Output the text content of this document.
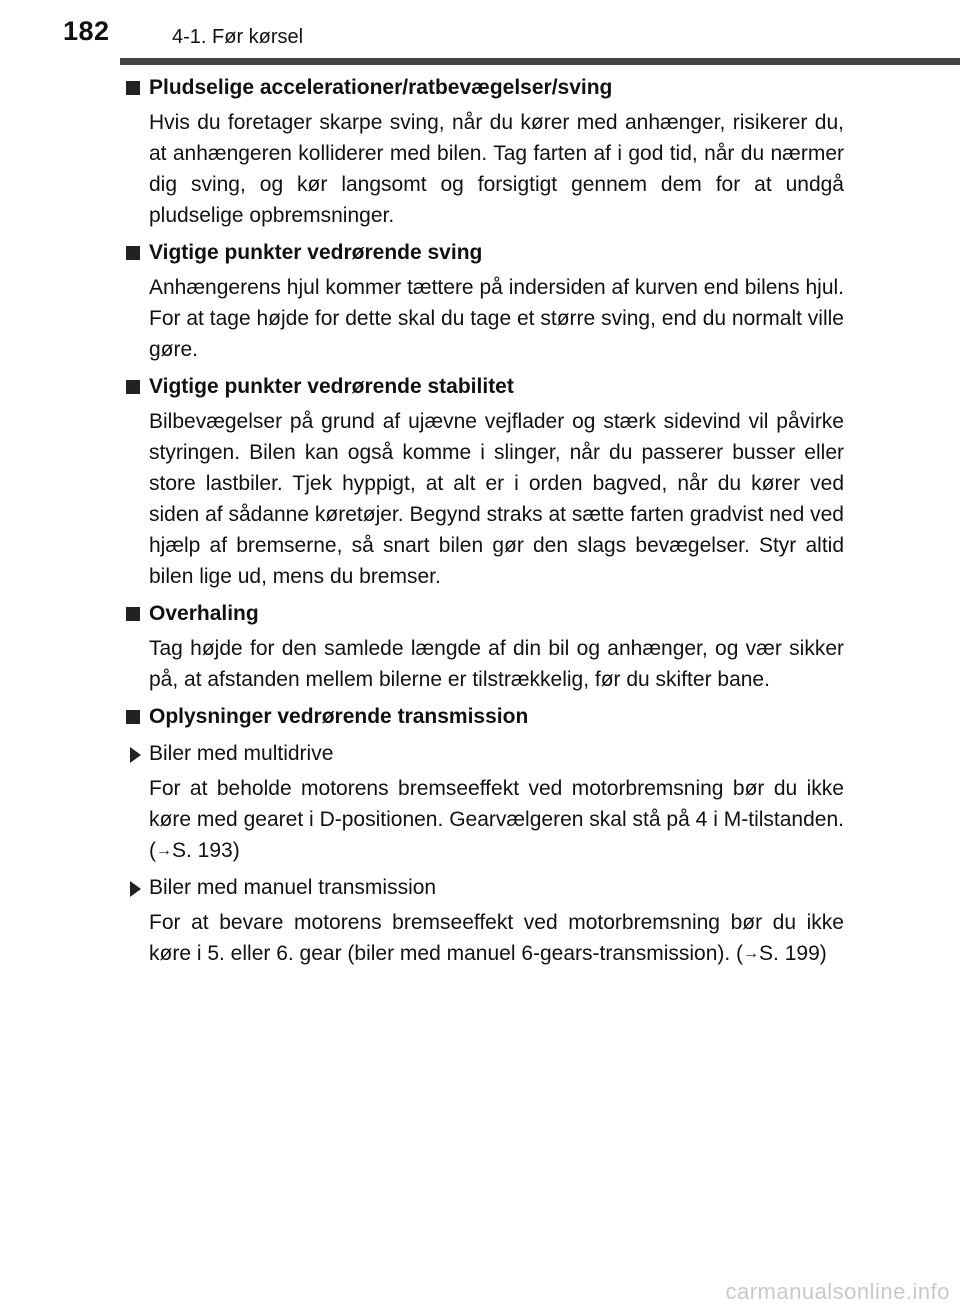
182	4-1. Før kørsel
Pludselige accelerationer/ratbevægelser/sving

Hvis du foretager skarpe sving, når du kører med anhænger, risikerer du, at anhængeren kolliderer med bilen. Tag farten af i god tid, når du nærmer dig sving, og kør langsomt og forsigtigt gennem dem for at undgå pludselige opbremsninger.

Vigtige punkter vedrørende sving

Anhængerens hjul kommer tættere på indersiden af kurven end bilens hjul. For at tage højde for dette skal du tage et større sving, end du normalt ville gøre.

Vigtige punkter vedrørende stabilitet

Bilbevægelser på grund af ujævne vejflader og stærk sidevind vil påvirke styringen. Bilen kan også komme i slinger, når du passerer busser eller store lastbiler. Tjek hyppigt, at alt er i orden bagved, når du kører ved siden af sådanne køretøjer. Begynd straks at sætte farten gradvist ned ved hjælp af bremserne, så snart bilen gør den slags bevægelser. Styr altid bilen lige ud, mens du bremser.

Overhaling

Tag højde for den samlede længde af din bil og anhænger, og vær sikker på, at afstanden mellem bilerne er tilstrækkelig, før du skifter bane.

Oplysninger vedrørende transmission
Biler med multidrive

For at beholde motorens bremseeffekt ved motorbremsning bør du ikke køre med gearet i D-positionen. Gearvælgeren skal stå på 4 i M-tilstanden. (→S. 193)

Biler med manuel transmission

For at bevare motorens bremseeffekt ved motorbremsning bør du ikke køre i 5. eller 6. gear (biler med manuel 6-gears-transmission). (→S. 199)

carmanualsonline.info
